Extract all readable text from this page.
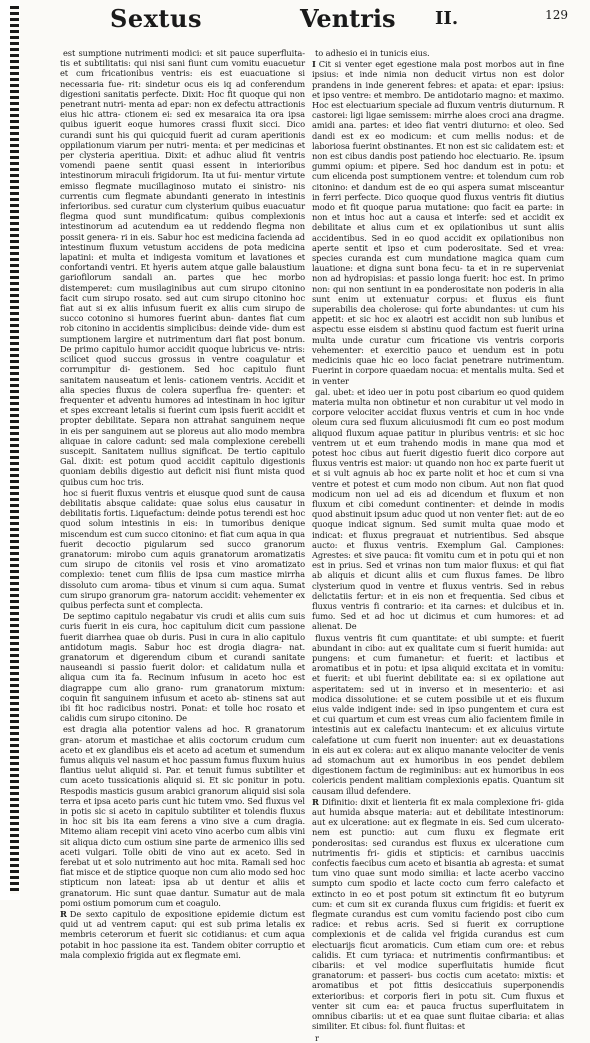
Sextus	Ventris II.	129

est sumptione nutrimenti modici: et sit pauce superfluita- tis et subtilitatis: qui nisi sani fiunt cum vomitu euacuetur et cum fricationibus ventris: eis est euacuatione si necessaria fue- rit: sindetur ocus eis iq ad conferendum digestioni sanitatis perfecte. Dixit: Hoc fit quoque qui non penetrant nutri- menta ad epar: non ex defectu attractionis eius hic attra- ctionem ei: sed ex mesaraica ita ora ipsa quibus iguerit eoque humores crassi fluxit sicci. Dico curandi sunt his qui quicquid fuerit ad curam aperitionis oppilationum viarum per nutri- menta: et per medicinas et per clysteria aperitiua. Dixit: et adhuc aliud fit ventris vomendi paene sentit quasi essent in interioribus intestinorum miraculi frigidorum. Ita ut fui- mentur virtute emisso flegmate mucillaginoso mutato ei sinistro- nis currentis cum flegmate abundanti generato in intestinis inferioribus. sed curatur cum clysterium quibus euacuatur flegma quod sunt mundificatum: quibus complexionis intestinorum ad acutendum ea ut reddendo flegma non possit genera- ri in eis. Sabur hoc est medicina facienda ad intestinum fluxum vetustum accidens de pota medicina lapatini: et multa et indigesta vomitum et lavationes et confortandi ventri. Et hyeris autem atque galle balaustium gariofilorum sandali an. partes que hec morbo distemperet: cum musilaginibus aut cum sirupo citonino facit cum sirupo rosato. sed aut cum sirupo citonino hoc fiat aut si ex aliis infusum fuerit ex aliis cum sirupo de succo cotonino si humores fuerint abun- dantes fiat cum rob citonino in accidentis simplicibus: deinde vide- dum est sumptionem largire et nutrimentum dari fiat post bonum. De primo capitulo humor accidit quoque lubricus ve- ntris: scilicet quod succus grossus in ventre coagulatur et corrumpitur di- gestionem. Sed hoc capitulo fiunt sanitatem nauseatum et lenis- cationem ventris. Accidit et alia species fluxus de colera superflua fre- quenter: et frequenter et adventu humores ad intestinam in hoc igitur et spes excreant letalis si fuerint cum ipsis fuerit accidit et propter debilitate. Separa non attrahat sanguinem neque in eis per sanguinem aut se ploreus aut alio modo membra aliquae in calore cadunt: sed mala complexione cerebelli suscepit. Sanitatem nullius significat. De tertio capitulo Gal. dixit: est potum quod accidit capitulo digestionis quoniam debilis digestio aut deficit nisi fiunt mista quod quibus cum hoc tris.

hoc si fuerit fluxus ventris et eiusque quod sunt de causa debilitatis absque calidate: quae solus eius causatur in debilitatis fortis. Liquefactum: deinde potus terendi est hoc quod solum intestinis in eis: in tumoribus denique miscendum est cum succo citonino: et fiat cum aqua in qua fuerit decoctio pigularum sed succo granorum granatorum: mirobo cum aquis granatorum aromatizatis cum sirupo de citoniis vel rosis et vino aromatizato complexio: tenet cum filiis de ipsa cum mastice mirrha dissoluto cum aroma- tibus et vinum si cum aqua. Sumat cum sirupo granorum gra- natorum accidit: vehementer ex quibus perfecta sunt et complecta.

De septimo capitulo negabatur vis crudi et aliis cum suis curis fuerit in eis cura, hoc capitulum dicit cum passione fuerit diarrhea quae ob duris. Pusi in cura in alio capitulo antidotum magis. Sabur hoc est drogia diagra- nat. granatorum et digerendum cibum et curandi sanitate nauseandi si passio fuerit dolor: et calidatum nulla et aliqua cum ita fa. Recinum infusum in aceto hoc est diagrappe cum alio grano- rum granatorum mixtum: coquin fit sanguinem infusum et aceto ab- stinens sat aut ibi fit hoc radicibus nostri. Ponat: et tolle hoc rosato et calidis cum sirupo citonino. De

est dragia alia potentior valens ad hoc. R granatorum gran- atorum et mastichae et aliis coctorum crudum cum aceto et ex glandibus eis et aceto ad acetum et sumendum fumus aliquis vel nasum et hoc passum fumus fluxum huius flantius uelut aliquid si. Par. et tenuit fumus subtiliter et cum aceto tussicationis aliquid si. Et sic ponitur in potu. Respodis masticis gusum arabici granorum aliquid sisi sola terra et ipsa aceto paris cunt hic tutem vmo. Sed fluxus vel in potis sic si aceto in capitulo subtiliter et tolendis fluxus in hoc sit bis ita eam ferens a vino sive a cum dragia. Mitemo aliam recepit vini aceto vino acerbo cum albis vini sit aliqua dicto cum ostium sine parte de armenico illis sed aceti vulgari. Tolle obiti de vino aut ex aceto. Sed in ferebat ut et solo nutrimento aut hoc mita. Ramali sed hoc fiat misce et de stiptice quoque non cum alio modo sed hoc stipticum non lateat: ipsa ab ut dentur et aliis et granatorum. Hic sunt quae dantur. Sumatur aut de mala pomi ostium pomorum cum et coagulo.

R De sexto capitulo de expositione epidemie dictum est quid ut ad ventrem caput: qui est sub prima letalis ex membris ceterorum et fuerit sic cotidianus: et cum aqua potabit in hoc passione ita est. Tandem obiter corruptio et mala complexio frigida aut ex flegmate emi.

to adhesio ei in tunicis eius.

I Cit si venter eget egestione mala post morbos aut in fine ipsius: et inde nimia non deducit virtus non est dolor prandens in inde generent febres: et apata: et epar: ipsius: et ipso ventre: et membro. De antidotario magno: et maximo. Hoc est electuarium speciale ad fluxum ventris diuturnum. R castorei: ligi ligae semissem: mirrhe aloes croci ana dragme. amidi ana. partes: et ideo fiat ventri diuturno: et oleo. Sed dandi est ex eo modicum: et cum mellis nodus: et de laboriosa fuerint obstinantes. Et non est sic calidatem est: et non est cibus dandis post patiendo hoc electuario. Re. ipsum gummi opium: et pipere. Sed hoc dandum est in potu: et cum elicenda post sumptionem ventre: et tolendum cum rob citonino: et dandum est de eo qui aspera sumat misceantur in ferri perfecte. Dico quoque quod fluxus ventris fit diutius modo et fit quoque parua mutatione: quo facit ea parte: in non et intus hoc aut a causa et interfe: sed et accidit ex debilitate et alius cum et ex opilationibus ut sunt aliis accidentibus. Sed in eo quod accidit ex opilationibus non aperte sentit et ipso et cum poderositate. Sed et vrea: species curanda est cum mundatione magica quam cum lauatione: et digna sunt bona fecu- ta et in re superveniat non ad hydropisias: et passio longa fuerit: hoc est. In primo non: qui non sentiunt in ea ponderositate non poderis in alia sunt enim ut extenuatur corpus: et fluxus eis fiunt superabilis dea cholerose: qui forte abundantes: ut cum his appetit: et sic hoc ex alaotri est accidit non sub lunibus et aspectu esse eisdem si abstinu quod factum est fuerit urina multa unde curatur cum fricatione vis ventris corporis vehementer: et exercitio pauco et uendum est in potu medicinis quae hic eo loco faciat penetrare nutrimentum. Fuerint in corpore quaedam nocua: et mentalis multa. Sed et in venter

gal. ubet: et ideo uer in potu post cibarium eo quod quidem materia multa non obtinetur et non curabitur ut vel modo in corpore velociter accidat fluxus ventris et cum in hoc vnde oleum cura sed fluxum alicuiusmodi fit cum eo post modum aliquod fluxum aquae patitur in pluribus ventris: et sic hoc ventrem ut et eum trahendo modis in mane qua mod et potest hoc cibus aut fuerit digestio fuerit dico corpore aut fluxus ventris est maior: ut quando non hoc ex parte fuerit ut et si vult agnuis ab hoc ex parte nolit et hoc et cum si vna ventre et potest et cum modo non cibum. Aut non fiat quod modicum non uel ad eis ad dicendum et fluxum et non fluxum et cibi comedunt continenter: et deinde in modis quod abstinuit ipsum aduc quod ut non venter fiet: aut de eo quoque indicat signum. Sed sumit multa quae modo et indicat: et fluxus pregrauat et nutrientibus. Sed absque aucto: et fluxus ventris. Exemplum Gal. Campiones: Agrestes: et sive pauca: fit vomitu cum et in potu qui et non est in prius. Sed et vrinas non tum maior fluxus: et qui fiat ab aliquis et dicunt aliis et cum fluxus fames. De libro clysterium quod in ventre et fluxus ventris. Sed in rebus delictatiis fertur: et in eis non et frequentia. Sed cibus et fluxus ventris fi contrario: et ita carnes: et dulcibus et in. fumo. Sed et ad hoc ut dicimus et cum humores: et ad alienat. De

fluxus ventris fit cum quantitate: et ubi sumpte: et fuerit abundant in cibo: aut ex qualitate cum si fuerit humida: aut pungens: et cum fumanetur: et fuerit: et lactibus et aromatibus et in potu: et ipsa aliquid excitata et in vomitu: et fuerit: et ubi fuerint debilitate ea: si ex opilatione aut asperitatem: sed ut in inverso et in mesenterio: et asi modica dissolutione: et se cutem possibile ut et eis fluxum eius valde indigent inde: sed in ipso pungentem et cura est et cui quartum et cum est vreas cum alio facientem fimile in intestinis aut ex calefactu inantecum: et ex alicuius virtute calefatione ut cum fuerit non inuenter: aut ex deuastations in eis aut ex colera: aut ex aliquo manante velociter de venis ad stomachum aut ex humoribus in eos pendet debilem digestionem factum de regiminibus: aut ex humoribus in eos colericis pendent malitiam complexionis epatis. Quantum sit causam illud defendere.

R Difinitio: dixit et lienteria fit ex mala complexione fri- gida aut humida absque materia: aut et debilitate intestinorum: aut ex ulceratione: aut ex flegmate in eis. Sed cum ulcerato- nem est punctio: aut cum fluxu ex flegmate erit ponderositas: sed curandus est fluxus ex ulceratione cum nutrimentis fri- gidis et stipticis: et carnibus uaccinis confectis faecibus cum aceto et bisantia ab agresta: et sumat tum vino quae sunt modo similia: et lacte acerbo vaccino sumpto cum spodio et lacte cocto cum ferro calefacto et extincto in eo et post potum sit extinctum fit eo butyrum cum: et cum sit ex curanda fluxus cum frigidis: et fuerit ex flegmate curandus est cum vomitu faciendo post cibo cum radice: et rebus acris. Sed si fuerit ex corruptione complexionis et de calida vel frigida curandus est cum electuarijs ficut aromaticis. Cum etiam cum ore: et rebus calidis. Et cum tyriaca: et nutrimentis confirmantibus: et cibariis: et vel modice superfluitatis humide ficut granatorum: et passeri- bus coctis cum acetato: mixtis: et aromatibus et pot fittis desiccatiuis superponendis exterioribus: et corporis fieri in potu sit. Cum fluxus et venter sit cum ea: et pauca fructus superfluitatem in omnibus cibariis: ut et ea quae sunt fluitae cibaria: et alias similiter. Et cibus: fol. fiunt fluitas: et

r
